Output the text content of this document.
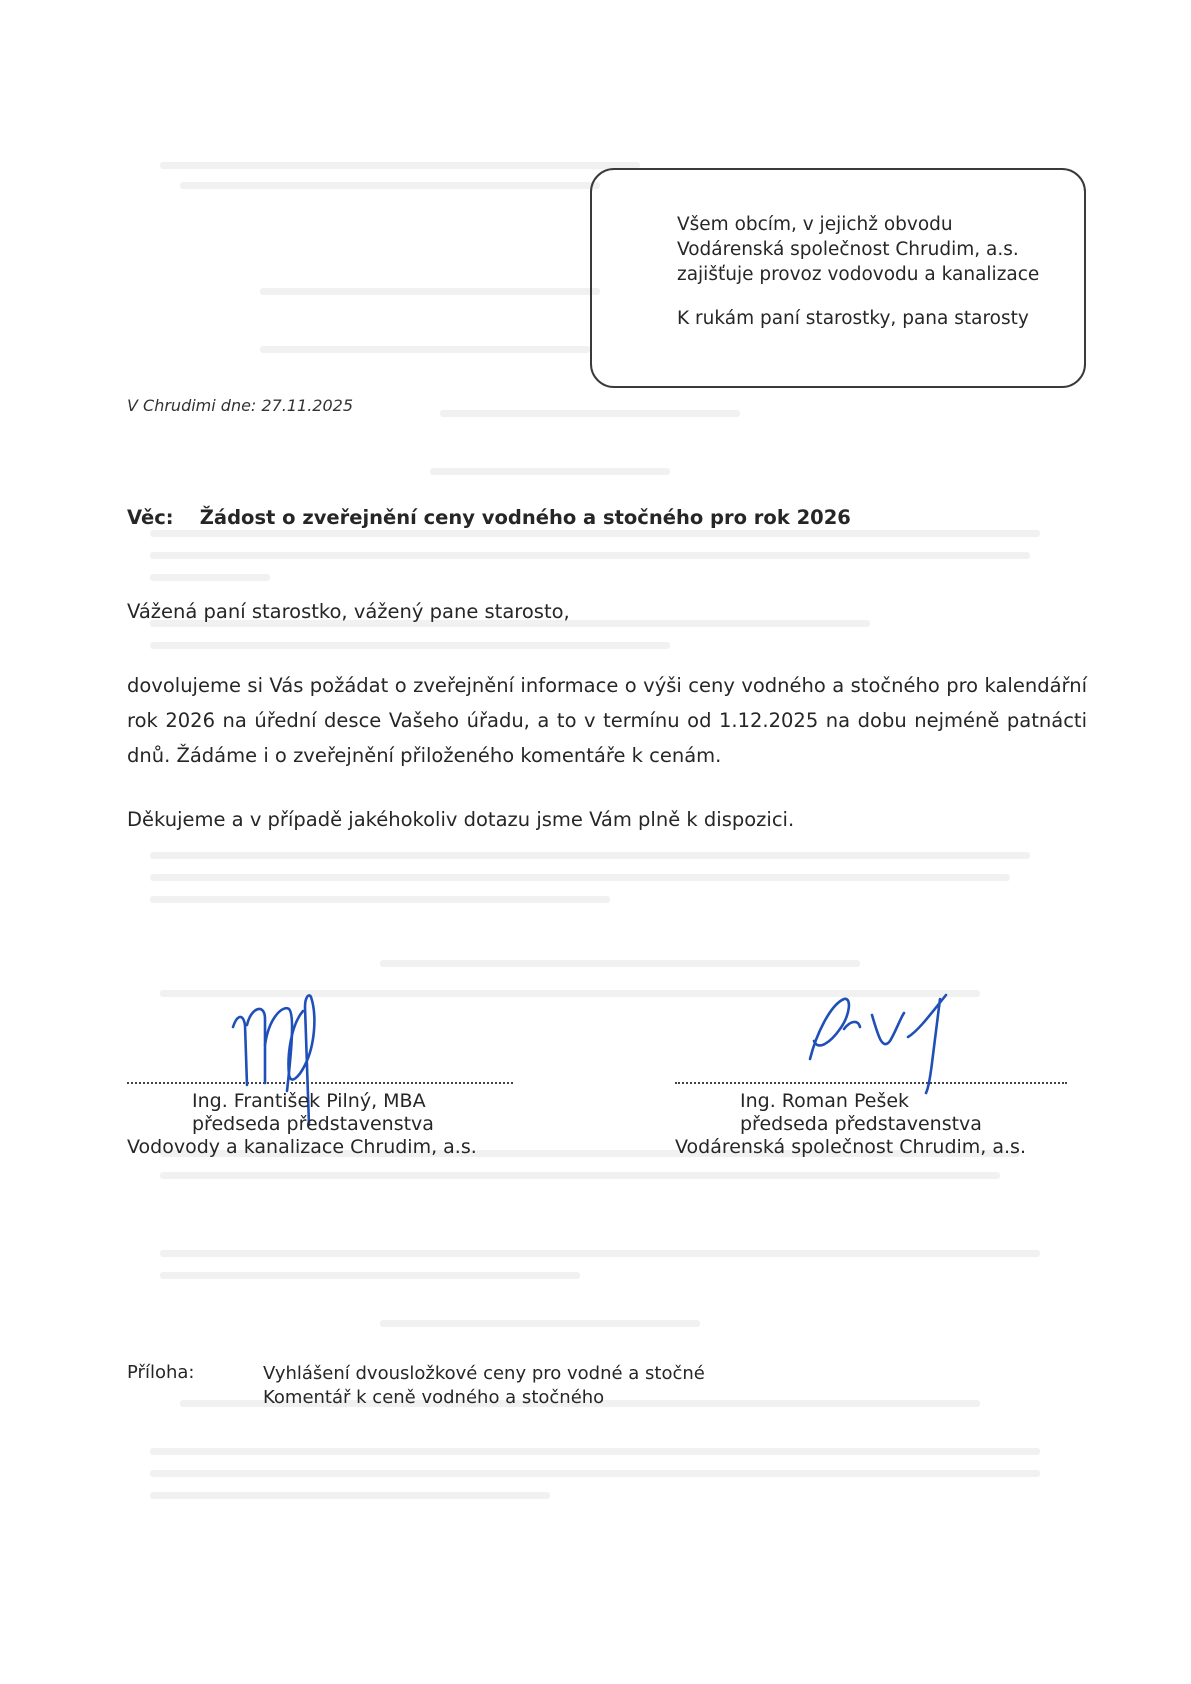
Všem obcím, v jejichž obvodu
Vodárenská společnost Chrudim, a.s.
zajišťuje provoz vodovodu a kanalizace
K rukám paní starostky, pana starosty
V Chrudimi dne: 27.11.2025
Věc: Žádost o zveřejnění ceny vodného a stočného pro rok 2026
Vážená paní starostko, vážený pane starosto,
dovolujeme si Vás požádat o zveřejnění informace o výši ceny vodného a stočného pro kalendářní rok 2026 na úřední desce Vašeho úřadu, a to v termínu od 1.12.2025 na dobu nejméně patnácti dnů. Žádáme i o zveřejnění přiloženého komentáře k cenám.
Děkujeme a v případě jakéhokoliv dotazu jsme Vám plně k dispozici.
Ing. František Pilný, MBA
předseda představenstva
Vodovody a kanalizace Chrudim, a.s.
Ing. Roman Pešek
předseda představenstva
Vodárenská společnost Chrudim, a.s.
Příloha:	Vyhlášení dvousložkové ceny pro vodné a stočné
Komentář k ceně vodného a stočného
